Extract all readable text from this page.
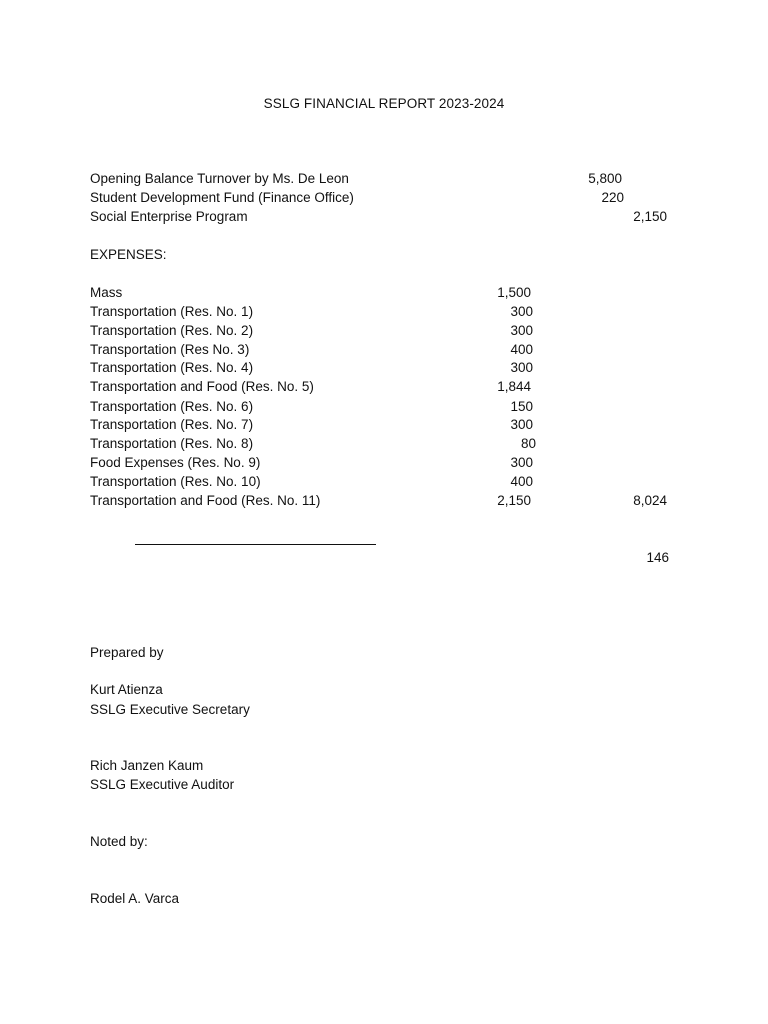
SSLG FINANCIAL REPORT 2023-2024
Opening Balance Turnover by Ms. De Leon	5,800
Student Development Fund (Finance Office)	220
Social Enterprise Program	2,150
EXPENSES:
Mass	1,500
Transportation (Res. No. 1)	300
Transportation (Res. No. 2)	300
Transportation (Res No. 3)	400
Transportation (Res. No. 4)	300
Transportation and Food (Res. No. 5)	1,844
Transportation (Res. No. 6)	150
Transportation (Res. No. 7)	300
Transportation (Res. No. 8)	80
Food Expenses (Res. No. 9)	300
Transportation (Res. No. 10)	400
Transportation and Food (Res. No. 11)	2,150	8,024
146
Prepared by
Kurt Atienza
SSLG Executive Secretary
Rich Janzen Kaum
SSLG Executive Auditor
Noted by:
Rodel A. Varca
